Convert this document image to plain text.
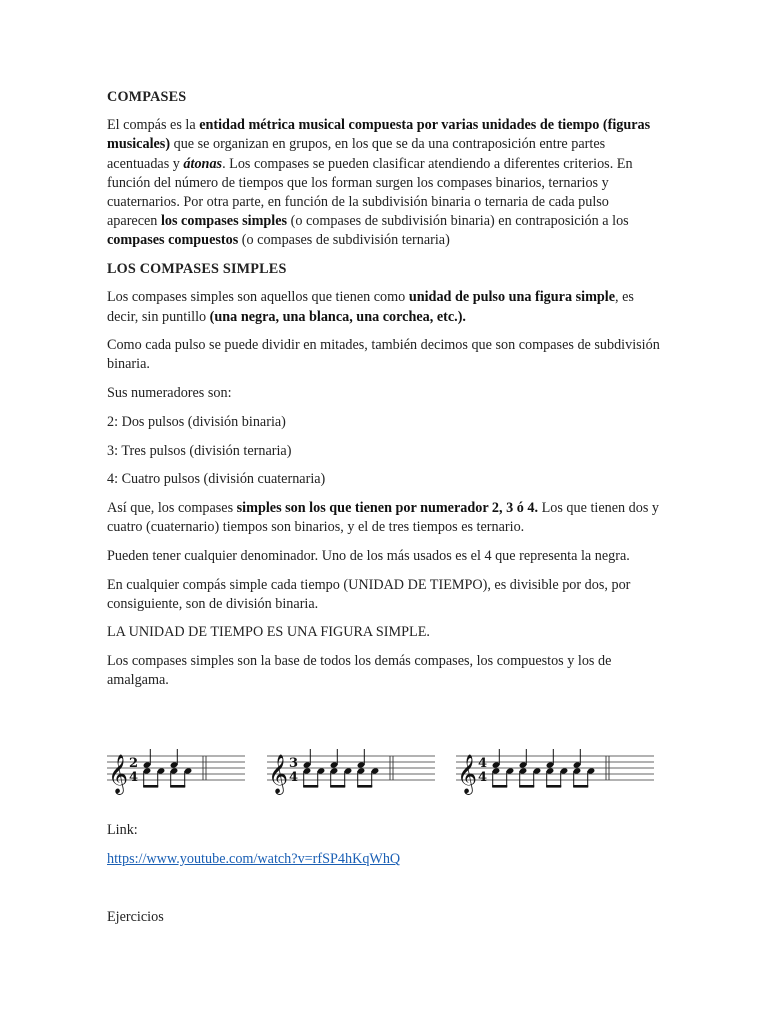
COMPASES

El compás es la entidad métrica musical compuesta por varias unidades de tiempo (figuras musicales) que se organizan en grupos, en los que se da una contraposición entre partes acentuadas y átonas. Los compases se pueden clasificar atendiendo a diferentes criterios. En función del número de tiempos que los forman surgen los compases binarios, ternarios y cuaternarios. Por otra parte, en función de la subdivisión binaria o ternaria de cada pulso aparecen los compases simples (o compases de subdivisión binaria) en contraposición a los compases compuestos (o compases de subdivisión ternaria)

LOS COMPASES SIMPLES

Los compases simples son aquellos que tienen como unidad de pulso una figura simple, es decir, sin puntillo (una negra, una blanca, una corchea, etc.).

Como cada pulso se puede dividir en mitades, también decimos que son compases de subdivisión binaria.

Sus numeradores son:

2: Dos pulsos (división binaria)

3: Tres pulsos (división ternaria)

4: Cuatro pulsos (división cuaternaria)

Así que, los compases simples son los que tienen por numerador 2, 3 ó 4. Los que tienen dos y cuatro (cuaternario) tiempos son binarios, y el de tres tiempos es ternario.

Pueden tener cualquier denominador. Uno de los más usados es el 4 que representa la negra.

En cualquier compás simple cada tiempo (UNIDAD DE TIEMPO), es divisible por dos, por consiguiente, son de división binaria.

LA UNIDAD DE TIEMPO ES UNA FIGURA SIMPLE.

Los compases simples son la base de todos los demás compases, los compuestos y los de amalgama.

𝄞 2
4	𝄞 3
4	𝄞 4
4
Link:
https://www.youtube.com/watch?v=rfSP4hKqWhQ
Ejercicios
